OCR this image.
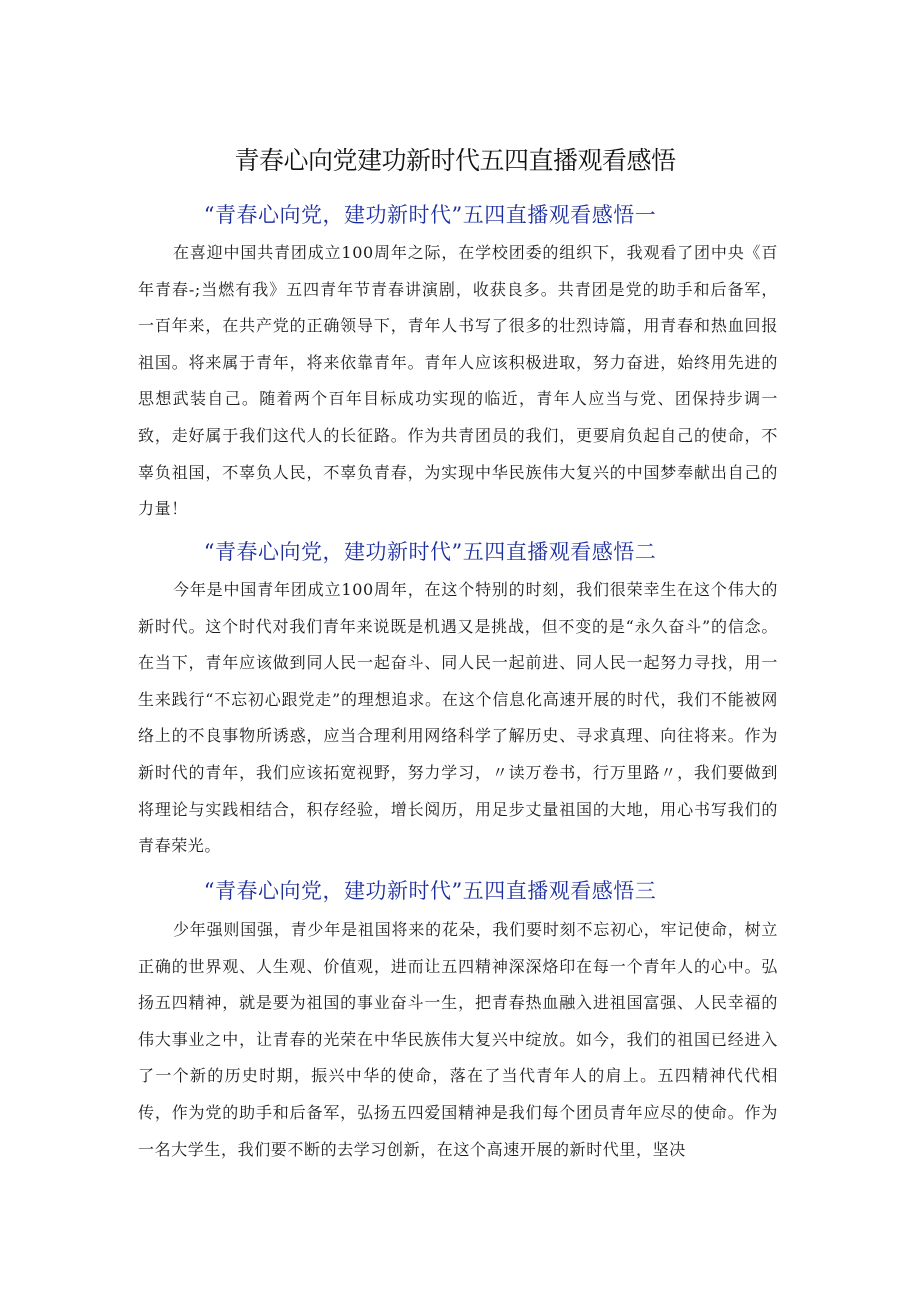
青春心向党建功新时代五四直播观看感悟
“青春心向党，建功新时代”五四直播观看感悟一

在喜迎中国共青团成立100周年之际，在学校团委的组织下，我观看了团中央《百年青春-;当燃有我》五四青年节青春讲演剧，收获良多。共青团是党的助手和后备军，一百年来，在共产党的正确领导下，青年人书写了很多的壮烈诗篇，用青春和热血回报祖国。将来属于青年，将来依靠青年。青年人应该积极进取，努力奋进，始终用先进的思想武装自己。随着两个百年目标成功实现的临近，青年人应当与党、团保持步调一致，走好属于我们这代人的长征路。作为共青团员的我们，更要肩负起自己的使命，不辜负祖国，不辜负人民，不辜负青春，为实现中华民族伟大复兴的中国梦奉献出自己的力量！

“青春心向党，建功新时代”五四直播观看感悟二

今年是中国青年团成立100周年，在这个特别的时刻，我们很荣幸生在这个伟大的新时代。这个时代对我们青年来说既是机遇又是挑战，但不变的是“永久奋斗”的信念。在当下，青年应该做到同人民一起奋斗、同人民一起前进、同人民一起努力寻找，用一生来践行“不忘初心跟党走”的理想追求。在这个信息化高速开展的时代，我们不能被网络上的不良事物所诱惑，应当合理利用网络科学了解历史、寻求真理、向往将来。作为新时代的青年，我们应该拓宽视野，努力学习，〃读万卷书，行万里路〃，我们要做到将理论与实践相结合，积存经验，增长阅历，用足步丈量祖国的大地，用心书写我们的青春荣光。

“青春心向党，建功新时代”五四直播观看感悟三

少年强则国强，青少年是祖国将来的花朵，我们要时刻不忘初心，牢记使命，树立正确的世界观、人生观、价值观，进而让五四精神深深烙印在每一个青年人的心中。弘扬五四精神，就是要为祖国的事业奋斗一生，把青春热血融入进祖国富强、人民幸福的伟大事业之中，让青春的光荣在中华民族伟大复兴中绽放。如今，我们的祖国已经进入了一个新的历史时期，振兴中华的使命，落在了当代青年人的肩上。五四精神代代相传，作为党的助手和后备军，弘扬五四爱国精神是我们每个团员青年应尽的使命。作为一名大学生，我们要不断的去学习创新，在这个高速开展的新时代里，坚决
